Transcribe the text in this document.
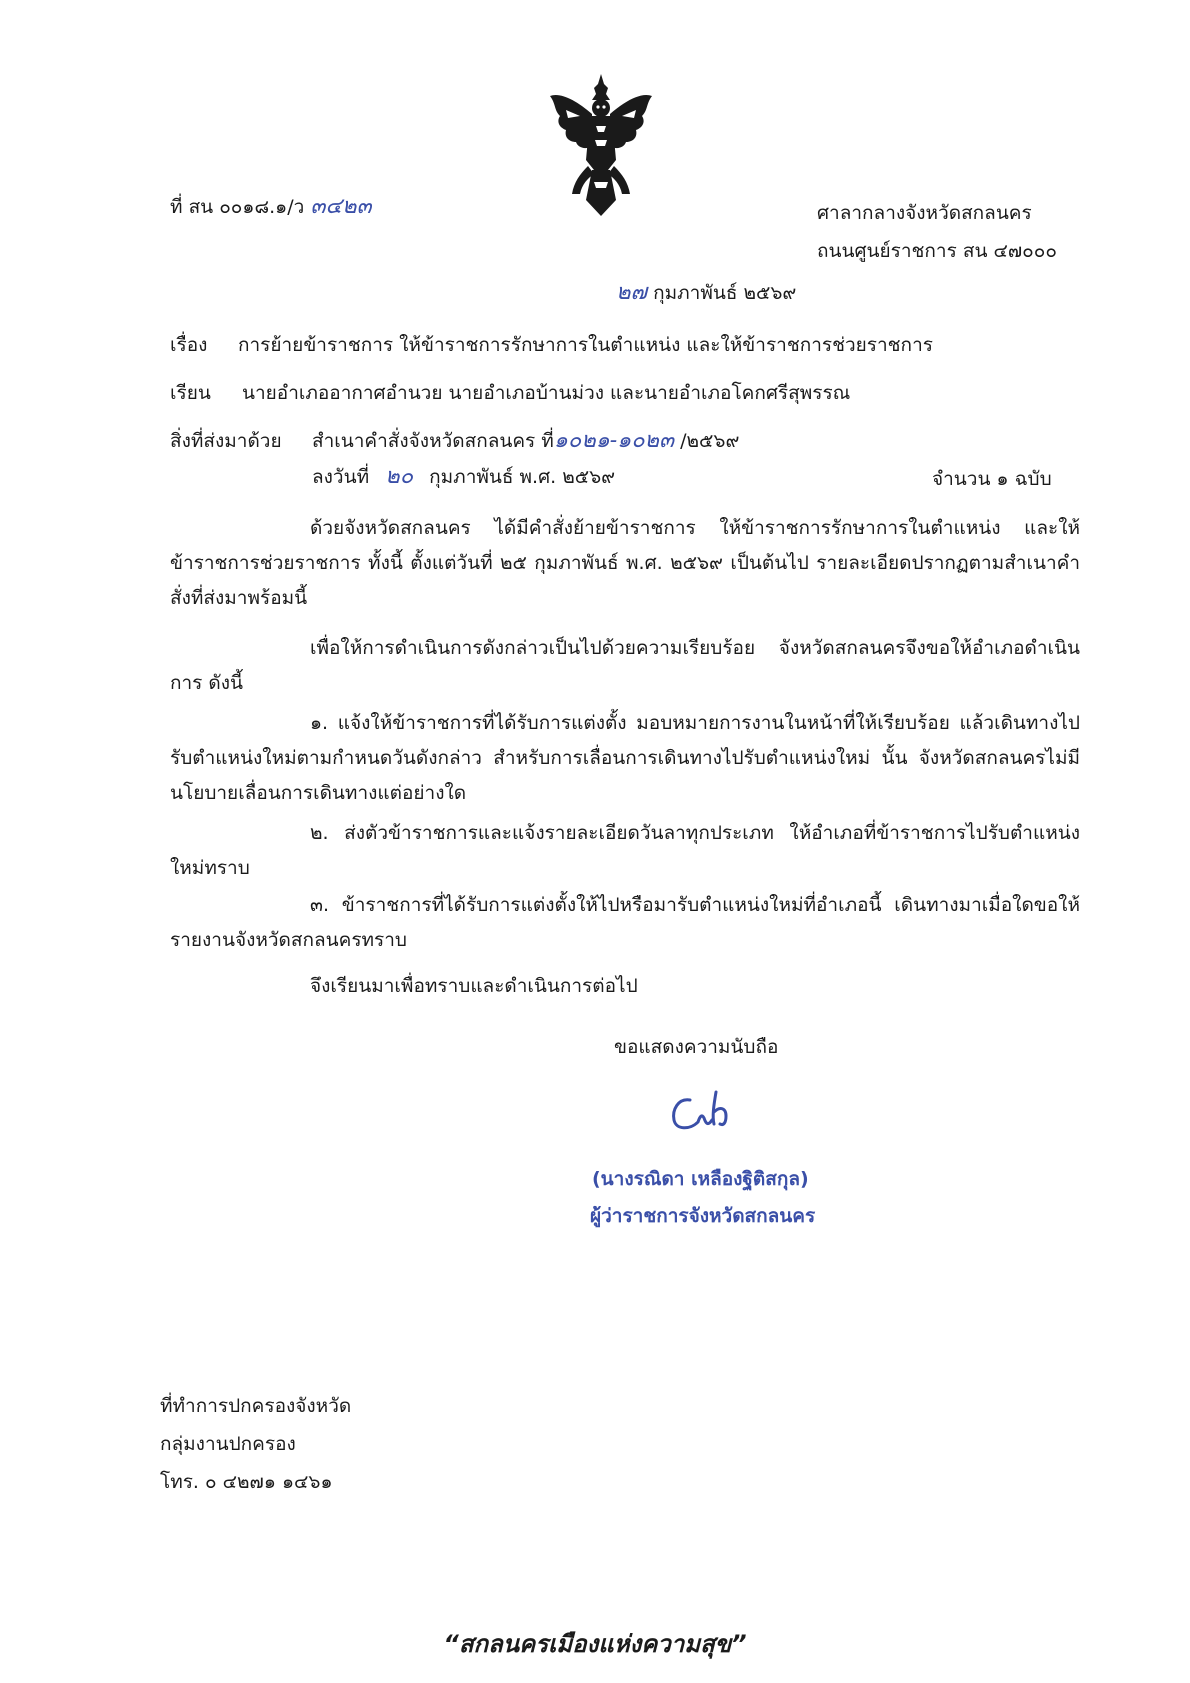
ที่ สน ๐๐๑๘.๑/ว ๓๔๒๓	ศาลากลางจังหวัดสกลนคร
ถนนศูนย์ราชการ สน ๔๗๐๐๐
๒๗ กุมภาพันธ์ ๒๕๖๙
เรื่อง การย้ายข้าราชการ ให้ข้าราชการรักษาการในตำแหน่ง และให้ข้าราชการช่วยราชการ
เรียน นายอำเภออากาศอำนวย นายอำเภอบ้านม่วง และนายอำเภอโคกศรีสุพรรณ
สิ่งที่ส่งมาด้วย สำเนาคำสั่งจังหวัดสกลนคร ที่๑๐๒๑-๑๐๒๓ /๒๕๖๙
ลงวันที่ ๒๐ กุมภาพันธ์ พ.ศ. ๒๕๖๙	จำนวน ๑ ฉบับ
ด้วยจังหวัดสกลนคร ได้มีคำสั่งย้ายข้าราชการ ให้ข้าราชการรักษาการในตำแหน่ง และให้ข้าราชการช่วยราชการ ทั้งนี้ ตั้งแต่วันที่ ๒๕ กุมภาพันธ์ พ.ศ. ๒๕๖๙ เป็นต้นไป รายละเอียดปรากฏตามสำเนาคำสั่งที่ส่งมาพร้อมนี้
เพื่อให้การดำเนินการดังกล่าวเป็นไปด้วยความเรียบร้อย จังหวัดสกลนครจึงขอให้อำเภอดำเนินการ ดังนี้
๑. แจ้งให้ข้าราชการที่ได้รับการแต่งตั้ง มอบหมายการงานในหน้าที่ให้เรียบร้อย แล้วเดินทางไปรับตำแหน่งใหม่ตามกำหนดวันดังกล่าว สำหรับการเลื่อนการเดินทางไปรับตำแหน่งใหม่ นั้น จังหวัดสกลนครไม่มีนโยบายเลื่อนการเดินทางแต่อย่างใด
๒. ส่งตัวข้าราชการและแจ้งรายละเอียดวันลาทุกประเภท ให้อำเภอที่ข้าราชการไปรับตำแหน่งใหม่ทราบ
๓. ข้าราชการที่ได้รับการแต่งตั้งให้ไปหรือมารับตำแหน่งใหม่ที่อำเภอนี้ เดินทางมาเมื่อใดขอให้รายงานจังหวัดสกลนครทราบ
จึงเรียนมาเพื่อทราบและดำเนินการต่อไป
ขอแสดงความนับถือ
(นางรณิดา เหลืองฐิติสกุล)
ผู้ว่าราชการจังหวัดสกลนคร
ที่ทำการปกครองจังหวัด
กลุ่มงานปกครอง
โทร. ๐ ๔๒๗๑ ๑๔๖๑
“สกลนครเมืองแห่งความสุข”
